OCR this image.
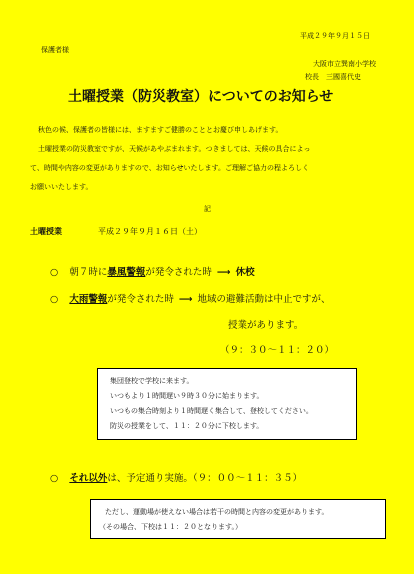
平成２９年９月１５日
保護者様
大阪市立巽南小学校
校長　三國喜代史
土曜授業（防災教室）についてのお知らせ
秋色の候、保護者の皆様には、ますますご健勝のこととお慶び申しあげます。
土曜授業の防災教室ですが、天候があやぶまれます。つきましては、天候の具合によっ
て、時間や内容の変更がありますので、お知らせいたします。ご理解ご協力の程よろしく
お願いいたします。
記
土曜授業	平成２９年９月１６日（土）
○ 朝７時に暴風警報が発令された時 ⟶ 休校
○ 大雨警報が発令された時 ⟶ 地域の避難活動は中止ですが、
授業があります。
（９：３０～１１：２０）
集団登校で学校に来ます。
いつもより１時間遅い９時３０分に始まります。
いつもの集合時刻より１時間遅く集合して、登校してください。
防災の授業をして、１１：２０分に下校します。
○ それ以外は、予定通り実施。（９：００～１１：３５）
ただし、運動場が使えない場合は若干の時間と内容の変更があります。
（その場合、下校は１１：２０となります。）
